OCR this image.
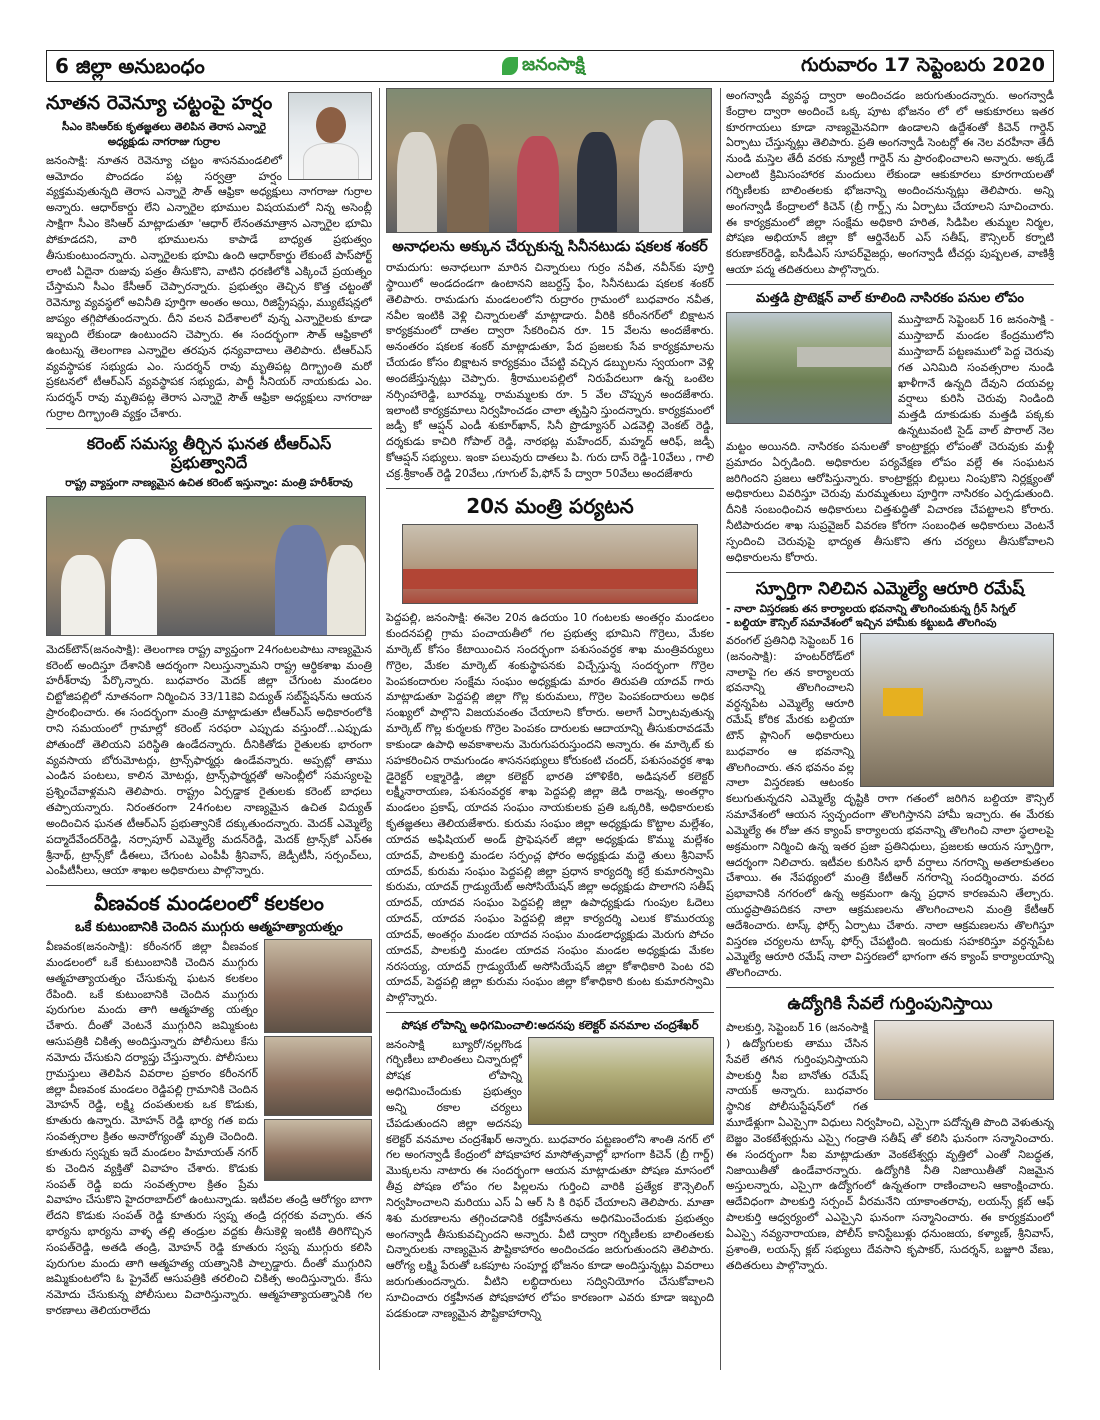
6 జిల్లా అనుబంధం	జనంసాక్షి	గురువారం 17 సెప్టెంబరు 2020
నూతన రెవెన్యూ చట్టంపై హర్షం
సీఎం కెసిఆర్‌కు కృతజ్ఞతలు తెలిపిన తెరాస ఎన్నారై అధ్యక్షుడు నాగరాజు గుర్రాల
జనంసాక్షి: నూతన రెవెన్యూ చట్టం శాసనమండలిలో ఆమోదం పొందడం పట్ల సర్వత్రా హర్షం వ్యక్తమవుతున్నది తెరాస ఎన్నారై సౌత్ ఆఫ్రికా అధ్యక్షులు నాగరాజు గుర్రాల అన్నారు. ఆధార్‌కార్డు లేని ఎన్నారైల భూముల విషయమలో నిన్న అసెంబ్లీ సాక్షిగా సీఎం కెసిఆర్ మాట్లాడుతూ 'ఆధార్ లేనంతమాత్రాన ఎన్నారైల భూమి పోకూడదని, వారి భూములను కాపాడే బాధ్యత ప్రభుత్వం తీసుకుంటుందన్నారు. ఎన్నారైలకు భూమి ఉంది ఆధార్‌కార్డు లేకుంటే పాస్‌పోర్ట్ లాంటి ఏదైనా రుజువు పత్రం తీసుకొని, వాటిని ధరణిలోకి ఎక్కించే ప్రయత్నం చేస్తామని సీఎం కేసీఆర్ చెప్పారన్నారు. ప్రభుత్వం తెచ్చిన కొత్త చట్టంతో రెవెన్యూ వ్యవస్థలో అవినీతి పూర్తిగా అంతం అయి, రిజిస్ట్రేషన్లు, మ్యుటేషన్లలో జాప్యం తగ్గిపోతుందన్నారు. దీని వలన విదేశాలలో వున్న ఎన్నారైలకు కూడా ఇబ్బంది లేకుండా ఉంటుందని చెప్పారు. ఈ సందర్భంగా సౌత్ ఆఫ్రికాలో ఉంటున్న తెలంగాణ ఎన్నారైల తరపున ధన్యవాదాలు తెలిపారు. టీఆర్ఎస్ వ్యవస్థాపక సభ్యుడు ఎం. సుదర్శన్ రావు మృతిపట్ల దిగ్భ్రాంతి మరో ప్రకటనలో టీఆర్ఎస్ వ్యవస్థాపక సభ్యుడు, పార్టీ సీనియర్ నాయకుడు ఎం. సుదర్శన్ రావు మృతిపట్ల తెరాస ఎన్నారై సౌత్ ఆఫ్రికా అధ్యక్షులు నాగరాజు గుర్రాల దిగ్భ్రాంతి వ్యక్తం చేశారు.
కరెంట్ సమస్య తీర్చిన ఘనత టీఆర్ఎస్ ప్రభుత్వానిదే
రాష్ట్ర వ్యాప్తంగా నాణ్యమైన ఉచిత కరెంట్ ఇస్తున్నాం: మంత్రి హరీశ్‌రావు
మెదక్‌టౌన్(జనంసాక్షి): తెలంగాణ రాష్ట్ర వ్యాప్తంగా 24గంటలపాటు నాణ్యమైన కరెంట్ అందిస్తూ దేశానికి ఆదర్శంగా నిలుస్తున్నామని రాష్ట్ర ఆర్థికశాఖ మంత్రి హరీశ్‌రావు పేర్కొన్నారు. బుధవారం మెదక్ జిల్లా చేగుంట మండలం చిట్టోజిపల్లిలో నూతనంగా నిర్మించిన 33/11కెవి విద్యుత్ సబ్‌స్టేషన్‌ను ఆయన ప్రారంభించారు. ఈ సందర్భంగా మంత్రి మాట్లాడుతూ టీఆర్ఎస్ అధికారంలోకి రాని సమయంలో గ్రామాల్లో కరెంట్ సరఫరా ఎప్పుడు వస్తుందో...ఎప్పుడు పోతుందో తెలియని పరిస్థితి ఉండేదన్నారు. దీనికితోడు రైతులకు భారంగా వ్యవసాయ బోరుమోటర్లు, ట్రాన్స్‌ఫార్మర్లు ఉండేవన్నారు. అప్పట్లో తాము ఎండిన పంటలు, కాలిన మోటర్లు, ట్రాన్స్‌ఫార్మర్లతో అసెంబ్లీలో సమస్యలపై ప్రశ్నించేవాళ్లమని తెలిపారు. రాష్ట్రం ఏర్పడ్డాక రైతులకు కరెంట్ బాధలు తప్పాయన్నారు. నిరంతరంగా 24గంటల నాణ్యమైన ఉచిత విద్యుత్ అందించిన ఘనత టీఆర్ఎస్ ప్రభుత్వానికే దక్కుతుందన్నారు. మెదక్ ఎమ్మెల్యే పద్మాదేవేందర్‌రెడ్డి, నర్సాపూర్ ఎమ్మెల్యే మదన్‌రెడ్డి, మెదక్ ట్రాన్స్‌కో ఎస్ఈ శ్రీనాథ్, ట్రాన్స్‌కో డీఈలు, చేగుంట ఎంపీపీ శ్రీనివాస్, జెడ్పీటీసీ, సర్పంచ్‌లు, ఎంపీటీసీలు, ఆయా శాఖల అధికారులు పాల్గొన్నారు.
వీణవంక మండలంలో కలకలం
ఒకే కుటుంబానికి చెందిన ముగ్గురు ఆత్మహత్యాయత్నం
వీణవంక(జనంసాక్షి): కరీంనగర్ జిల్లా వీణవంక మండలంలో ఒకే కుటుంబానికి చెందిన ముగ్గురు ఆత్మహత్యాయత్నం చేసుకున్న ఘటన కలకలం రేపింది. ఒకే కుటుంబానికి చెందిన ముగ్గురు పురుగుల మందు తాగి ఆత్మహత్య యత్నం చేశారు. దీంతో వెంటనే ముగ్గురిని జమ్మికుంట ఆసుపత్రికి చికిత్స అందిస్తున్నారు పోలీసులు కేసు నమోదు చేసుకుని దర్యాప్తు చేస్తున్నారు. పోలీసులు గ్రామస్తులు తెలిపిన వివరాల ప్రకారం కరీంనగర్ జిల్లా వీణవంక మండలం రెడ్డిపల్లి గ్రామానికి చెందిన మోహన్ రెడ్డి, లక్ష్మి దంపతులకు ఒక కొడుకు, కూతురు ఉన్నారు. మోహన్ రెడ్డి భార్య గత ఐదు సంవత్సరాల క్రితం అనారోగ్యంతో మృతి చెందింది. కూతురు స్వప్నకు ఇదే మండలం హిమాయత్ నగర్ కు చెందిన వ్యక్తితో వివాహం చేశారు. కొడుకు సంపత్ రెడ్డి ఐదు సంవత్సరాల క్రితం ప్రేమ వివాహం చేసుకొని హైదరాబాద్‌లో ఉంటున్నాడు. ఇటీవల తండ్రి ఆరోగ్యం బాగా లేదని కొడుకు సంపత్ రెడ్డి కూతురు స్వప్న తండ్రి దగ్గరకు వచ్చారు. తన భార్యను భార్యను వాళ్ళ తల్లి తండ్రుల వద్దకు తీసుకెళ్లి ఇంటికి తిరిగొచ్చిన సంపత్‌రెడ్డి, అతడి తండ్రి, మోహన్ రెడ్డి కూతురు స్వప్న ముగ్గురు కలిసి పురుగుల మందు తాగి ఆత్మహత్య యత్నానికి పాల్పడ్డారు. దీంతో ముగ్గురిని జమ్మికుంటలోని ఓ ప్రైవేట్ ఆసుపత్రికి తరలించి చికిత్స అందిస్తున్నారు. కేసు నమోదు చేసుకున్న పోలీసులు విచారిస్తున్నారు. ఆత్మహత్యాయత్నానికి గల కారణాలు తెలియరాలేదు
అనాధలను అక్కున చేర్చుకున్న సినీనటుడు షకలక శంకర్
రామదుగు: అనాధలుగా మారిన చిన్నారులు గుర్రం నవీత, నవీన్‌కు పూర్తి స్థాయిలో అండదండగా ఉంటానని జబర్దస్త్ ఫేం, సినీనటుడు షకలక శంకర్ తెలిపారు. రామడుగు మండలంలోని రుద్రారం గ్రామంలో బుధవారం నవీత, నవీల ఇంటికి వెళ్లి చిన్నారులతో మాట్లాడారు. వీరికి కరీంనగర్‌లో బిక్షాటన కార్యక్రమంలో దాతల ద్వారా సేకరించిన రూ. 15 వేలను అందజేశారు. అనంతరం షకలక శంకర్ మాట్లాడుతూ, పేద ప్రజలకు సేవ కార్యక్రమాలను చేయడం కోసం బిక్షాటన కార్యక్రమం చేపట్టి వచ్చిన డబ్బులను స్వయంగా వెళ్లి అందజేస్తున్నట్లు చెప్పారు. శ్రీరాములపల్లిలో నిరుపేదలుగా ఉన్న ఒంటెల నర్సింహారెడ్డి, బూరమ్మ, రామమ్మలకు రూ. 5 వేల చొప్పున అందజేశారు. ఇలాంటి కార్యక్రమాలు నిర్వహించడం చాలా తృప్తిని స్తుందన్నారు. కార్యక్రమంలో జడ్పీ కో ఆప్షన్ ఎండీ శుకూర్‌ఖాన్, సినీ ప్రొడ్యూసర్ ఎడవెల్లి వెంకట్ రెడ్డి, దర్శకుడు కాచిరి గోపాల్ రెడ్డి, నారభట్ల మహేందర్, మహ్మద్ ఆరిఫ్, జడ్పీ కోఆప్షన్ సభ్యులు. ఇంకా పలువురు దాతలు పి. గురు దాస్ రెడ్డి-10వేలు , గాలి చక్ర.శ్రీకాంత్ రెడ్డి 20వేలు ,గూగుల్ పే,ఫోన్ పే ద్వారా 50వేలు అందజేశారు
20న మంత్రి పర్యటన
పెద్దపల్లి, జనంసాక్షి: ఈనెల 20న ఉదయం 10 గంటలకు అంతర్గం మండలం కుందనపల్లి గ్రామ పంచాయతీలో గల ప్రభుత్వ భూమిని గొర్రెలు, మేకల మార్కెట్ కోసం కేటాయించిన సందర్భంగా పశుసంవర్ధక శాఖ మంత్రివర్యులు గొర్రెల, మేకల మార్కెట్ శంకుస్థాపనకు విచ్చేస్తున్న సందర్భంగా గొర్రెల పెంపకందారుల సంక్షేమ సంఘం అధ్యక్షుడు మారం తిరుపతి యాదవ్ గారు మాట్లాడుతూ పెద్దపల్లి జిల్లా గొల్ల కురుమలు, గొర్రెల పెంపకందారులు అధిక సంఖ్యలో పాల్గొని విజయవంతం చేయాలని కోరారు. అలాగే ఏర్పాటవుతున్న మార్కెట్ గొల్ల కుర్మలకు గొర్రెల పెంపకం దారులకు ఆదాయాన్ని తీసుకురావడమే కాకుండా ఉపాధి అవకాశాలను మెరుగుపరుస్తుందని అన్నారు. ఈ మార్కెట్ కు సహకరించిన రామగుండం శాసనసభ్యులు కోరుకంటి చందర్, పశుసంవర్ధక శాఖ డైరెక్టర్ లక్ష్మారెడ్డి, జిల్లా కలెక్టర్ భారతి హొళికేరి, అడిషనల్ కలెక్టర్ లక్ష్మీనారాయణ, పశుసంవర్ధక శాఖ పెద్దపల్లి జిల్లా జెడి రాజన్న, అంతర్గాం మండలం ప్రకాష్, యాదవ సంఘం నాయకులకు ప్రతి ఒక్కరికి, అధికారులకు కృతజ్ఞతలు తెలియజేశారు. కురుమ సంఘం జిల్లా అధ్యక్షుడు కొట్టాల మల్లేశం, యాదవ అఫిషియల్ అండ్ ప్రొఫెషనల్ జిల్లా అధ్యక్షుడు కొమ్ము మల్లేశం యాదవ్, పాలకుర్తి మండల సర్పంచ్ల ఫోరం అధ్యక్షుడు మద్దె తులు శ్రీనివాస్ యాదవ్, కురుమ సంఘం పెద్దపల్లి జిల్లా ప్రధాన కార్యదర్శి కర్రే కుమారస్వామి కురుమ, యాదవ్ గ్రాడ్యుయేట్ అసోసియేషన్ జిల్లా అధ్యక్షుడు పొలాగని సతీష్ యాదవ్, యాదవ సంఘం పెద్దపల్లి జిల్లా ఉపాధ్యక్షుడు గుంపుల ఓదెలు యాదవ్, యాదవ సంఘం పెద్దపల్లి జిల్లా కార్యదర్శి ఎలుక కొమురయ్య యాదవ్, అంతర్గం మండల యాదవ సంఘం మండలాధ్యక్షుడు మెరుగు పోచం యాదవ్, పాలకుర్తి మండల యాదవ సంఘం మండల అధ్యక్షుడు మేకల నరసయ్య, యాదవ్ గ్రాడ్యుయేట్ అసోసియేషన్ జిల్లా కోశాధికారి పెంట రవి యాదవ్, పెద్దపల్లి జిల్లా కురుమ సంఘం జిల్లా కోశాధికారి కుంట కుమారస్వామి పాల్గొన్నారు.
పోషక లోపాన్ని అధిగమించాలి:అదనపు కలెక్టర్ వనమాల చంద్రశేఖర్
జనంసాక్షి బ్యూరో/నల్లగొండ గర్భిణీలు బాలింతలు చిన్నారుల్లో పోషక లోపాన్ని అధిగమించేందుకు ప్రభుత్వం అన్ని రకాల చర్యలు చేపడుతుందని జిల్లా అదనపు కలెక్టర్ వనమాల చంద్రశేఖర్ అన్నారు. బుధవారం పట్టణంలోని శాంతి నగర్ లో గల అంగన్వాడీ కేంద్రంలో పోషకాహార మాసోత్సవాల్లో భాగంగా కిచెన్ (బ్రీ గార్డ్) మొక్కలను నాటారు ఈ సందర్భంగా ఆయన మాట్లాడుతూ పోషణ మాసంలో తీవ్ర పోషణ లోపం గల పిల్లలను గుర్తించి వారికి ప్రత్యేక కౌన్సెలింగ్ నిర్వహించాలని మరియు ఎస్ ఏ ఆర్ సి కి రిఫర్ చేయాలని తెలిపారు. మాతా శిశు మరణాలను తగ్గించడానికి రక్తహీనతను అధిగమించేందుకు ప్రభుత్వం అంగన్వాడీ తీసుకువచ్చిందని అన్నారు. వీటి ద్వారా గర్భిణీలకు బాలింతలకు చిన్నారులకు నాణ్యమైన పౌష్టికాహారం అందించడం జరుగుతుందని తెలిపారు. ఆరోగ్య లక్ష్మి పేరుతో ఒకపూట సంపూర్ణ భోజనం కూడా అందిస్తున్నట్లు వివరాలు జరుగుతుందన్నారు. వీటిని లబ్ధిదారులు సద్వినియోగం చేసుకోవాలని సూచించారు రక్తహీనత పోషకాహార లోపం కారణంగా ఎవరు కూడా ఇబ్బంది పడకుండా నాణ్యమైన పౌష్టికాహారాన్ని
అంగన్వాడీ వ్యవస్థ ద్వారా అందించడం జరుగుతుందన్నారు. అంగన్వాడీ కేంద్రాల ద్వారా అందించే ఒక్క పూట భోజనం లో లో ఆకుకూరలు ఇతర కూరగాయలు కూడా నాణ్యమైనవిగా ఉండాలని ఉద్దేశంతో కిచెన్ గార్డెన్ ఏర్పాటు చేస్తున్నట్లు తెలిపారు. ప్రతి అంగన్వాడీ సెంటర్లో ఈ నెల వరహీనా తేదీ నుండి మస్తెల తేదీ వరకు న్యూట్రీ గార్డెన్ ను ప్రారంభించాలని అన్నారు. అక్కడే ఎలాంటి క్రిమిసంహారక మందులు లేకుండా ఆకుకూరలు కూరగాయలతో గర్భిణీలకు బాలింతలకు భోజనాన్ని అందించనున్నట్లు తెలిపారు. అన్ని అంగన్వాడీ కేంద్రాలలో కిచెన్ (బ్రీ గార్డ్స్ ను ఏర్పాటు చేయాలని సూచించారు. ఈ కార్యక్రమంలో జిల్లా సంక్షేమ అధికారి హరిత, సిడిపిల తుమ్మల నిర్మల, పోషణ అభియాన్ జిల్లా కో ఆర్డినేటర్ ఎస్ సతీష్, కౌన్సిలర్ కర్నాటి కరుణాకర్‌రెడ్డి, ఐసీడీఎస్ సూపర్‌వైజర్లు, అంగన్వాడీ టీచర్లు పుష్పలత, వాణిశ్రీ ఆయా పద్మ తదితరులు పాల్గొన్నారు.
మత్తడి ప్రొటెక్షన్ వాల్ కూలింది నాసిరకం పనుల లోపం
ముస్తాబాద్ సెప్టెంబర్ 16 జనంసాక్షి - ముస్తాబాద్ మండల కేంద్రములోని ముస్తాబాద్ పట్టణములో పెద్ద చెరువు గత ఎనిమిది సంవత్సరాల నుండి ఖాళీగానే ఉన్నది దేవుని దయవల్ల వర్షాలు కురిసి చెరువు నిండింది మత్తడి దూకుడుకు మత్తడి పక్కకు ఉన్నటువంటి సైడ్ వాల్ పొరాల్ నెల మట్టం అయినది. నాసిరకం పనులతో కాంట్రాక్టర్లు లోపంతో చెరువుకు మళ్లీ ప్రమాదం ఏర్పడింది. అధికారుల పర్యవేక్షణ లోపం వల్లే ఈ సంఘటన జరిగిందని ప్రజలు ఆరోపిస్తున్నారు. కాంట్రాక్టర్లు బిల్లులు నింపుకొని నిర్లక్ష్యంతో అధికారులు వివరిస్తూ చెరువు మరమ్మతులు పూర్తిగా నాసిరకం ఎర్పడుతుంది. దీనికి సంబంధించిన అధికారులు చిత్తశుద్ధితో విచారణ చేపట్టాలని కోరారు. నీటిపారుదల శాఖ సుప్రవైజర్ వివరణ కోరగా సంబంధిత అధికారులు వెంటనే స్పందించి చెరువుపై భాద్యత తీసుకొని తగు చర్యలు తీసుకోవాలని అధికారులను కోరారు.
స్ఫూర్తిగా నిలిచిన ఎమ్మెల్యే ఆరూరి రమేష్
- నాలా విస్తరణకు తన కార్యాలయ భవనాన్ని తొలగించుకున్న గ్రీన్ సిగ్నల్
- బల్దియా కౌన్సిల్ సమావేశంలో ఇచ్చిన హామీకు కట్టుబడి తొలగింపు
వరంగల్ ప్రతినిధి సెప్టెంబర్ 16 (జనంసాక్షి): హంటర్‌రోడ్‌లో నాలాపై గల తన కార్యాలయ భవనాన్ని తొలగించాలని వర్ధన్నపేట ఎమ్మెల్యే ఆరూరి రమేష్ కోరిక మేరకు బల్దియా టౌన్ ప్లానింగ్ అధికారులు బుధవారం ఆ భవనాన్ని తొలగించారు. తన భవనం వల్ల నాలా విస్తరణకు ఆటంకం కలుగుతున్నదని ఎమ్మెల్యే దృష్టికి రాగా గతంలో జరిగిన బల్దియా కౌన్సిల్ సమావేశంలో ఆయన స్వచ్ఛందంగా తొలగిస్తానని హామీ ఇచ్చారు. ఈ మేరకు ఎమ్మెల్యే ఈ రోజు తన క్యాంప్ కార్యాలయ భవనాన్ని తొలగించి నాలా స్థలాలపై అక్రమంగా నిర్మించి ఉన్న ఇతర ప్రజా ప్రతినిధులు, ప్రజలకు ఆయన స్ఫూర్తిగా, ఆదర్శంగా నిలిచారు. ఇటీవల కురిసిన భారీ వర్షాలు నగరాన్ని అతలాకుతలం చేశాయి. ఈ నేపథ్యంలో మంత్రి కేటీఆర్ నగరాన్ని సందర్శించారు. వరద ప్రభావానికి నగరంలో ఉన్న అక్రమంగా ఉన్న ప్రధాన కారణమని తేల్చారు. యుద్ధప్రాతిపదికన నాలా ఆక్రమణలను తొలగించాలని మంత్రి కేటీఆర్ ఆదేశించారు. టాస్క్ ఫోర్స్ ఏర్పాటు చేశారు. నాలా ఆక్రమణలను తొలగిస్తూ విస్తరణ చర్యలను టాస్క్ ఫోర్స్ చేపట్టింది. ఇందుకు సహకరిస్తూ వర్ధన్నపేట ఎమ్మెల్యే ఆరూరి రమేష్ నాలా విస్తరణలో భాగంగా తన క్యాంప్ కార్యాలయాన్ని తొలగించారు.
ఉద్యోగికి సేవలే గుర్తింపునిస్తాయి
పాలకుర్తి, సెప్టెంబర్ 16 (జనంసాక్షి ) ఉద్యోగులకు తాము చేసిన సేవలే తగిన గుర్తింపునిస్తాయని పాలకుర్తి సీఐ బానోతు రమేష్ నాయక్ అన్నారు. బుధవారం స్థానిక పోలీసుస్టేషన్‌లో గత మూడేళ్లుగా ఏఎస్సైగా విధులు నిర్వహించి, ఎస్సైగా పదోన్నతి పొంది వెళుతున్న బెజ్జం వెంకటేశ్వర్లును ఎస్సై గండ్రాతి సతీష్ తో కలిసి ఘనంగా సన్మానించారు. ఈ సందర్భంగా సీఐ మాట్లాడుతూ వెంకటేశ్వర్లు వృత్తిలో ఎంతో నిబద్ధత, నిజాయితీతో ఉండేవారన్నారు. ఉద్యోగికి నీతి నిజాయితీతో నిజమైన అస్తులన్నారు, ఎస్సైగా ఉద్యోగంలో ఉన్నతంగా రాణించాలని ఆకాంక్షించారు. ఆదేవిధంగా పాలకుర్తి సర్పంచ్ వీరమనేని యాకాంతరావు, లయన్స్ క్లబ్ ఆఫ్ పాలకుర్తి ఆధ్వర్యంలో ఎఎస్సైని ఘనంగా సన్మానించారు. ఈ కార్యక్రమంలో ఏఎస్సై నవ్యనారాయణ, పోలీస్ కానిస్టేబుళ్లు ధనుంజయ, కళ్యాణ్, శ్రీనివాస్, ప్రశాంతి, లయన్స్ క్లబ్ సభ్యులు దేవసాని కృపాకర్, సుదర్శన్, బజ్జూరి వేణు, తదితరులు పాల్గొన్నారు.
